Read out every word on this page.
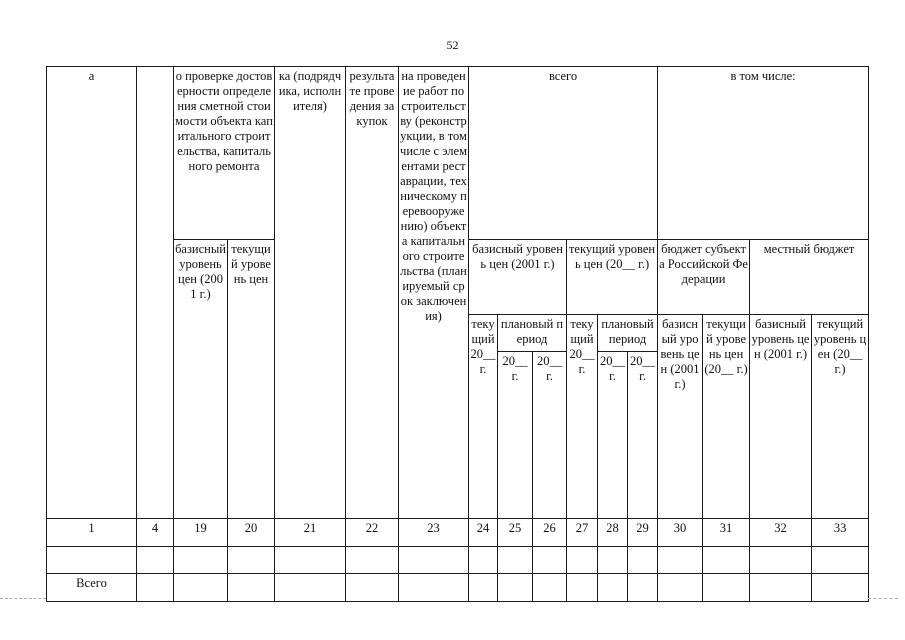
52
а		о проверке достоверности определения сметной стоимости объекта капитального строительства, капитального ремонта		ка (подрядчика, исполнителя)	результате проведения закупок	на проведение работ по строительству (реконструкции, в том числе с элементами реставрации, техническому перевооружению) объекта капитального строительства (планируемый срок заключения)	всего						в том числе:			
		базисный уровень цен (2001 г.)	текущий уровень цен				базисный уровень цен (2001 г.)			текущий уровень цен (20__ г.)			бюджет субъекта Российской Федерации		местный бюджет	
							текущий 20__ г.	плановый период		текущий 20__ г.	плановый период		базисный уровень цен (2001 г.)	текущий уровень цен (20__ г.)	базисный уровень цен (2001 г.)	текущий уровень цен (20__ г.)
								20__ г.	20__ г.		20__ г.	20__ г.				
1	4	19	20	21	22	23	24	25	26	27	28	29	30	31	32	33

Всего																
